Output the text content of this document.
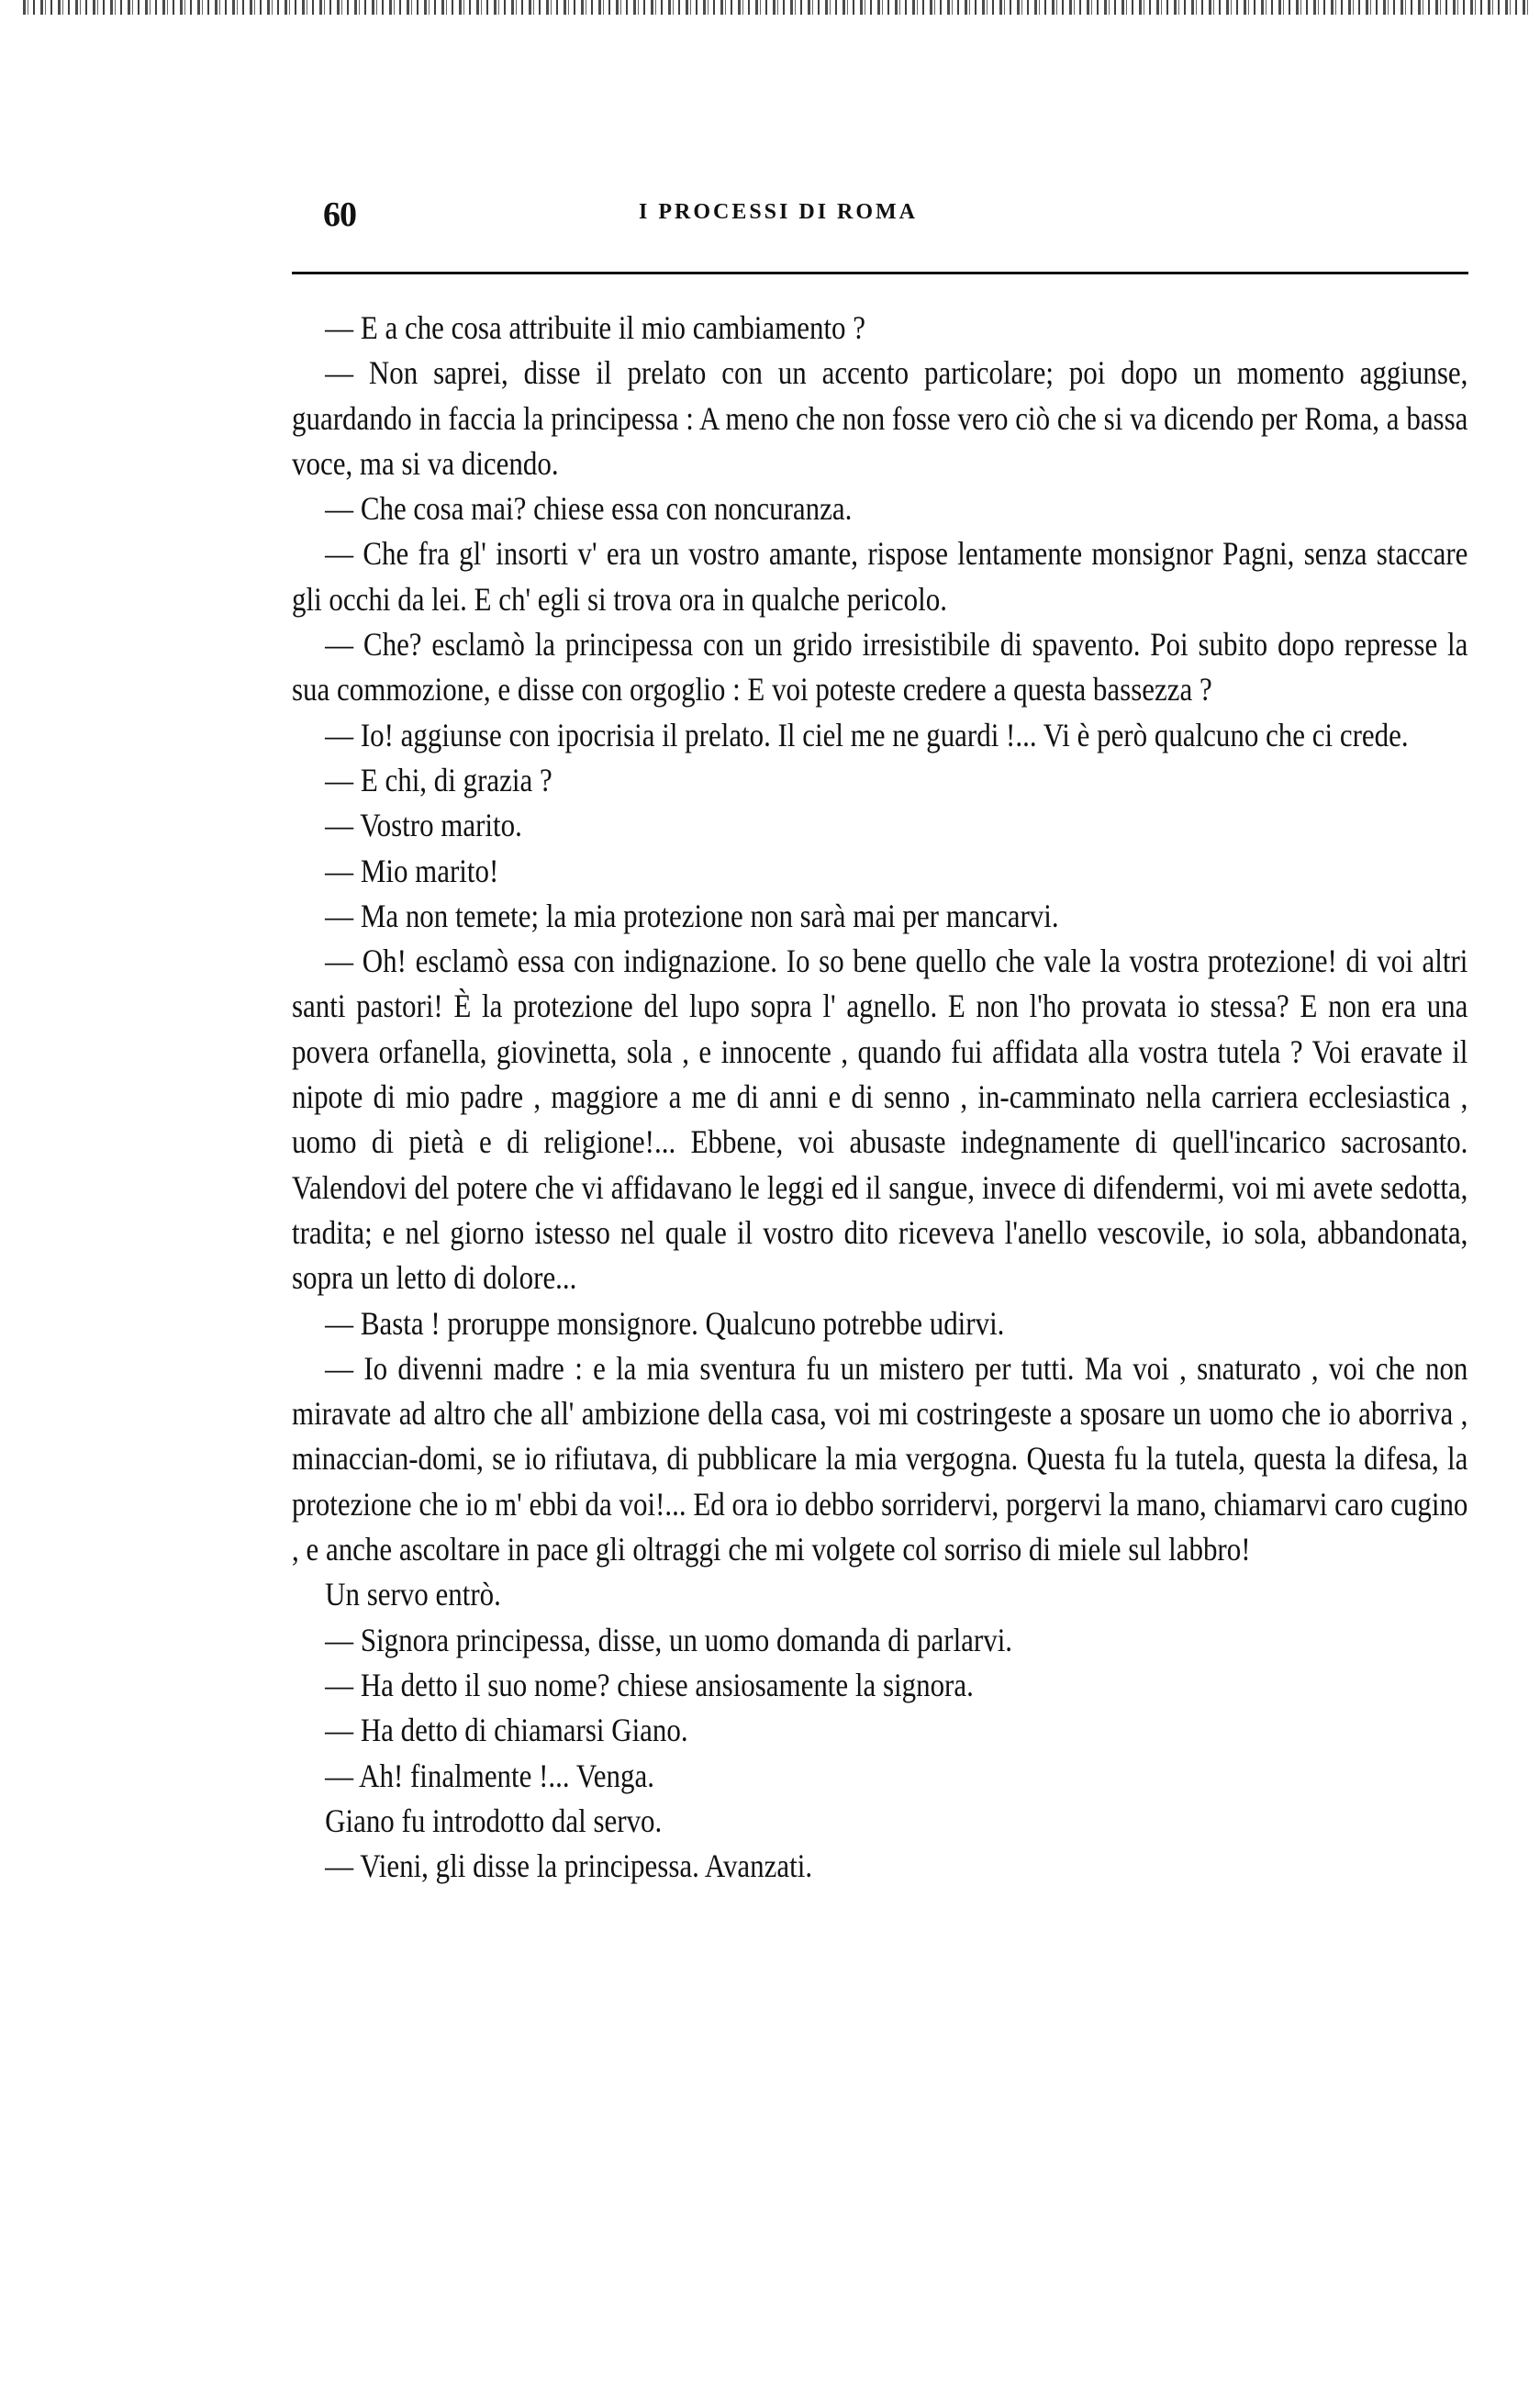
60	I PROCESSI DI ROMA

— E a che cosa attribuite il mio cambiamento ?

— Non saprei, disse il prelato con un accento particolare; poi dopo un momento aggiunse, guardando in faccia la principessa : A meno che non fosse vero ciò che si va dicendo per Roma, a bassa voce, ma si va dicendo.

— Che cosa mai? chiese essa con noncuranza.

— Che fra gl' insorti v' era un vostro amante, rispose lentamente monsignor Pagni, senza staccare gli occhi da lei. E ch' egli si trova ora in qualche pericolo.

— Che? esclamò la principessa con un grido irresistibile di spavento. Poi subito dopo represse la sua commozione, e disse con orgoglio : E voi poteste credere a questa bassezza ?

— Io! aggiunse con ipocrisia il prelato. Il ciel me ne guardi !... Vi è però qualcuno che ci crede.

— E chi, di grazia ?

— Vostro marito.

— Mio marito!

— Ma non temete; la mia protezione non sarà mai per mancarvi.

— Oh! esclamò essa con indignazione. Io so bene quello che vale la vostra protezione! di voi altri santi pastori! È la protezione del lupo sopra l' agnello. E non l'ho provata io stessa? E non era una povera orfanella, giovinetta, sola , e innocente , quando fui affidata alla vostra tutela ? Voi eravate il nipote di mio padre , maggiore a me di anni e di senno , in-camminato nella carriera ecclesiastica , uomo di pietà e di religione!... Ebbene, voi abusaste indegnamente di quell'incarico sacrosanto. Valendovi del potere che vi affidavano le leggi ed il sangue, invece di difendermi, voi mi avete sedotta, tradita; e nel giorno istesso nel quale il vostro dito riceveva l'anello vescovile, io sola, abbandonata, sopra un letto di dolore...

— Basta ! proruppe monsignore. Qualcuno potrebbe udirvi.

— Io divenni madre : e la mia sventura fu un mistero per tutti. Ma voi , snaturato , voi che non miravate ad altro che all' ambizione della casa, voi mi costringeste a sposare un uomo che io aborriva , minaccian-domi, se io rifiutava, di pubblicare la mia vergogna. Questa fu la tutela, questa la difesa, la protezione che io m' ebbi da voi!... Ed ora io debbo sorridervi, porgervi la mano, chiamarvi caro cugino , e anche ascoltare in pace gli oltraggi che mi volgete col sorriso di miele sul labbro!

Un servo entrò.

— Signora principessa, disse, un uomo domanda di parlarvi.

— Ha detto il suo nome? chiese ansiosamente la signora.

— Ha detto di chiamarsi Giano.

— Ah! finalmente !... Venga.

Giano fu introdotto dal servo.

— Vieni, gli disse la principessa. Avanzati.
